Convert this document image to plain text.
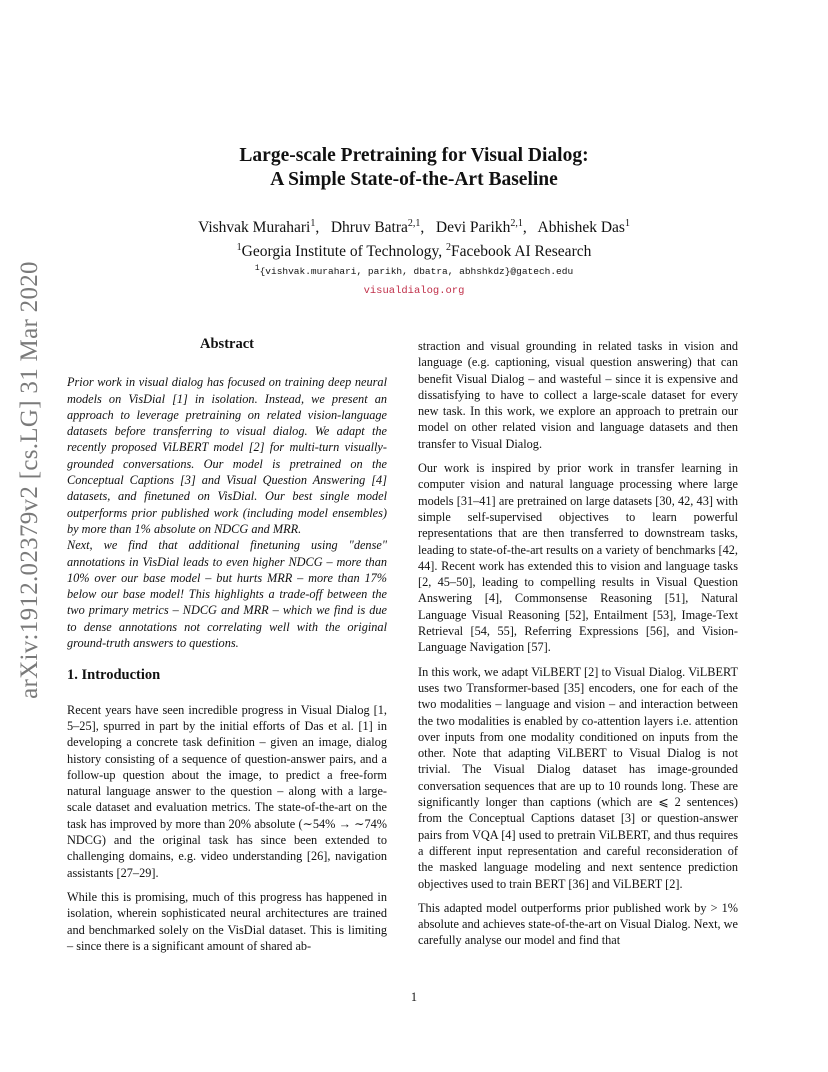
arXiv:1912.02379v2 [cs.LG] 31 Mar 2020
Large-scale Pretraining for Visual Dialog:
A Simple State-of-the-Art Baseline
Vishvak Murahari$^1$,   Dhruv Batra$^{2,1}$,   Devi Parikh$^{2,1}$,   Abhishek Das$^1$
$^1$Georgia Institute of Technology, $^2$Facebook AI Research
$^1${vishvak.murahari, parikh, dbatra, abhshkdz}@gatech.edu
visualdialog.org
Abstract

Prior work in visual dialog has focused on training deep neural models on VisDial [1] in isolation. Instead, we present an approach to leverage pretraining on related vision-language datasets before transferring to visual dialog. We adapt the recently proposed ViLBERT model [2] for multi-turn visually-grounded conversations. Our model is pretrained on the Conceptual Captions [3] and Visual Question Answering [4] datasets, and finetuned on VisDial. Our best single model outperforms prior published work (including model ensembles) by more than 1% absolute on NDCG and MRR.

Next, we find that additional finetuning using "dense" annotations in VisDial leads to even higher NDCG – more than 10% over our base model – but hurts MRR – more than 17% below our base model! This highlights a trade-off between the two primary metrics – NDCG and MRR – which we find is due to dense annotations not correlating well with the original ground-truth answers to questions.

1. Introduction

Recent years have seen incredible progress in Visual Dialog [1, 5–25], spurred in part by the initial efforts of Das et al. [1] in developing a concrete task definition – given an image, dialog history consisting of a sequence of question-answer pairs, and a follow-up question about the image, to predict a free-form natural language answer to the question – along with a large-scale dataset and evaluation metrics. The state-of-the-art on the task has improved by more than 20% absolute (∼54% → ∼74% NDCG) and the original task has since been extended to challenging domains, e.g. video understanding [26], navigation assistants [27–29].

While this is promising, much of this progress has happened in isolation, wherein sophisticated neural architectures are trained and benchmarked solely on the VisDial dataset. This is limiting – since there is a significant amount of shared ab-

straction and visual grounding in related tasks in vision and language (e.g. captioning, visual question answering) that can benefit Visual Dialog – and wasteful – since it is expensive and dissatisfying to have to collect a large-scale dataset for every new task. In this work, we explore an approach to pretrain our model on other related vision and language datasets and then transfer to Visual Dialog.

Our work is inspired by prior work in transfer learning in computer vision and natural language processing where large models [31–41] are pretrained on large datasets [30, 42, 43] with simple self-supervised objectives to learn powerful representations that are then transferred to downstream tasks, leading to state-of-the-art results on a variety of benchmarks [42, 44]. Recent work has extended this to vision and language tasks [2, 45–50], leading to compelling results in Visual Question Answering [4], Commonsense Reasoning [51], Natural Language Visual Reasoning [52], Entailment [53], Image-Text Retrieval [54, 55], Referring Expressions [56], and Vision-Language Navigation [57].

In this work, we adapt ViLBERT [2] to Visual Dialog. ViLBERT uses two Transformer-based [35] encoders, one for each of the two modalities – language and vision – and interaction between the two modalities is enabled by co-attention layers i.e. attention over inputs from one modality conditioned on inputs from the other. Note that adapting ViLBERT to Visual Dialog is not trivial. The Visual Dialog dataset has image-grounded conversation sequences that are up to 10 rounds long. These are significantly longer than captions (which are ⩽ 2 sentences) from the Conceptual Captions dataset [3] or question-answer pairs from VQA [4] used to pretrain ViLBERT, and thus requires a different input representation and careful reconsideration of the masked language modeling and next sentence prediction objectives used to train BERT [36] and ViLBERT [2].

This adapted model outperforms prior published work by > 1% absolute and achieves state-of-the-art on Visual Dialog. Next, we carefully analyse our model and find that

1
